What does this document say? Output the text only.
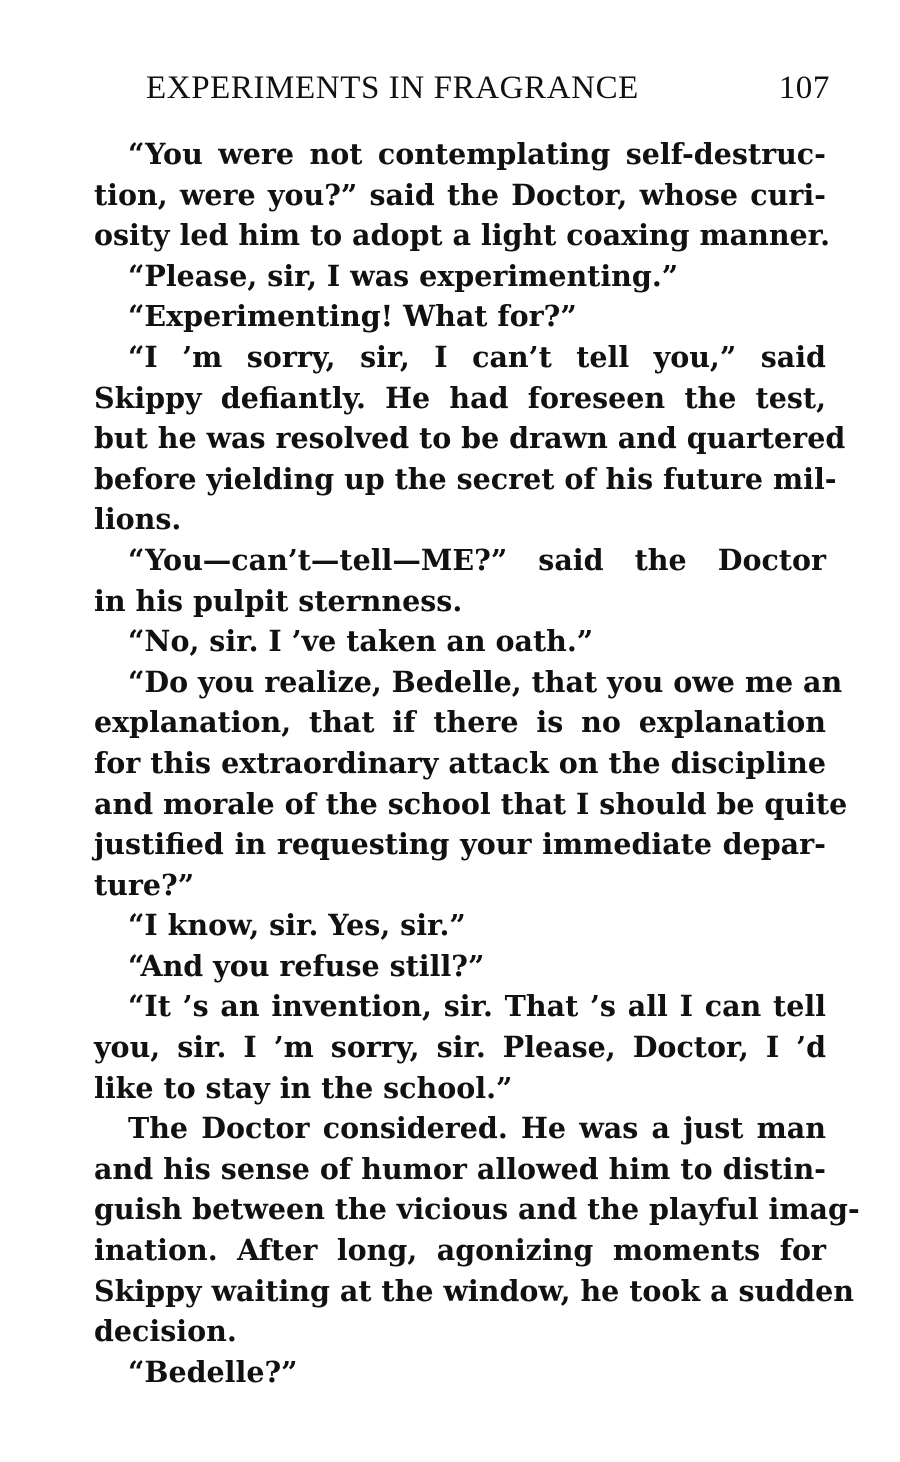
EXPERIMENTS IN FRAGRANCE	107
“You were not contemplating self-destruc-
tion, were you?” said the Doctor, whose curi-
osity led him to adopt a light coaxing manner.
“Please, sir, I was experimenting.”
“Experimenting! What for?”
“I ’m sorry, sir, I can’t tell you,” said
Skippy defiantly. He had foreseen the test,
but he was resolved to be drawn and quartered
before yielding up the secret of his future mil-
lions.
“You—can’t—tell—ME?” said the Doctor
in his pulpit sternness.
“No, sir. I ’ve taken an oath.”
“Do you realize, Bedelle, that you owe me an
explanation, that if there is no explanation
for this extraordinary attack on the discipline
and morale of the school that I should be quite
justified in requesting your immediate depar-
ture?”
“I know, sir. Yes, sir.”
“And you refuse still?”
“It ’s an invention, sir. That ’s all I can tell
you, sir. I ’m sorry, sir. Please, Doctor, I ’d
like to stay in the school.”
The Doctor considered. He was a just man
and his sense of humor allowed him to distin-
guish between the vicious and the playful imag-
ination. After long, agonizing moments for
Skippy waiting at the window, he took a sudden
decision.
“Bedelle?”
